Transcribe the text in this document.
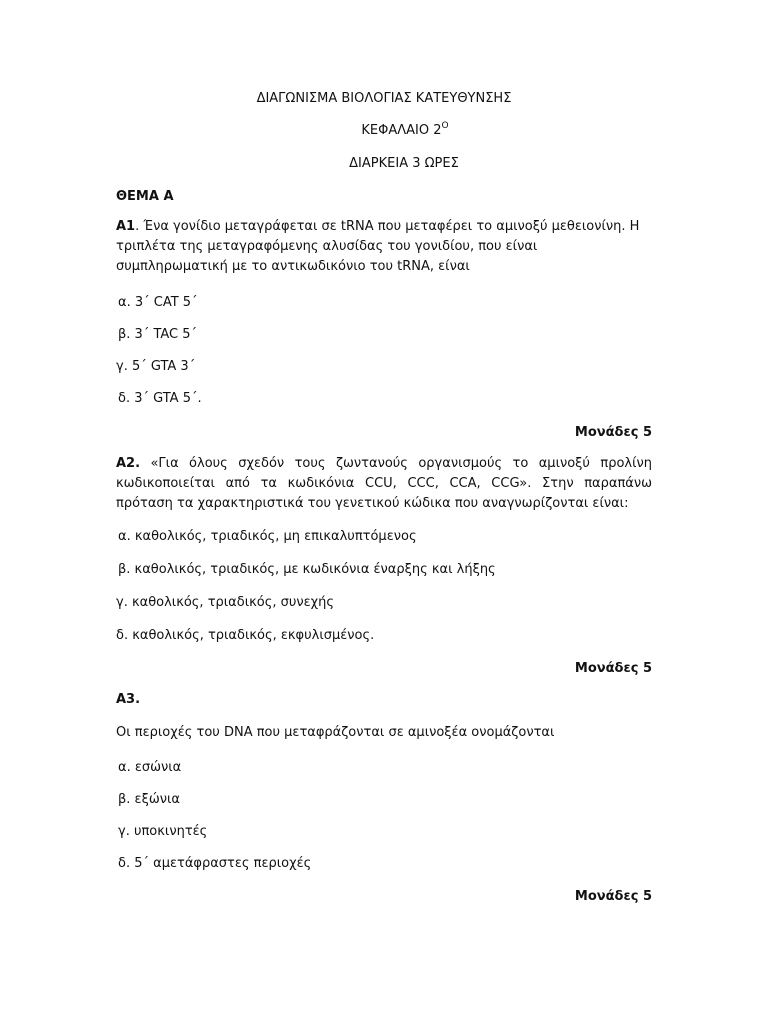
ΔΙΑΓΩΝΙΣΜΑ ΒΙΟΛΟΓΙΑΣ ΚΑΤΕΥΘΥΝΣΗΣ
ΚΕΦΑΛΑΙΟ $2^O$
ΔΙΑΡΚΕΙΑ 3 ΩΡΕΣ
ΘΕΜΑ Α
Α1. Ένα γονίδιο μεταγράφεται σε tRNA που μεταφέρει το αμινοξύ μεθειονίνη. Η τριπλέτα της μεταγραφόμενης αλυσίδας του γονιδίου, που είναι συμπληρωματική με το αντικωδικόνιο του tRNA, είναι
α. 3΄ CAT 5΄
β. 3΄ TAC 5΄
γ. 5΄ GTA 3΄
δ. 3΄ GTA 5΄.
Μονάδες 5
Α2. «Για όλους σχεδόν τους ζωντανούς οργανισμούς το αμινοξύ προλίνη κωδικοποιείται από τα κωδικόνια CCU, CCC, CCA, CCG». Στην παραπάνω πρόταση τα χαρακτηριστικά του γενετικού κώδικα που αναγνωρίζονται είναι:
α. καθολικός, τριαδικός, μη επικαλυπτόμενος
β. καθολικός, τριαδικός, με κωδικόνια έναρξης και λήξης
γ. καθολικός, τριαδικός, συνεχής
δ. καθολικός, τριαδικός, εκφυλισμένος.
Μονάδες 5
Α3.
Οι περιοχές του DNA που μεταφράζονται σε αμινοξέα ονομάζονται
α. εσώνια
β. εξώνια
γ. υποκινητές
δ. 5΄ αμετάφραστες περιοχές
Μονάδες 5
